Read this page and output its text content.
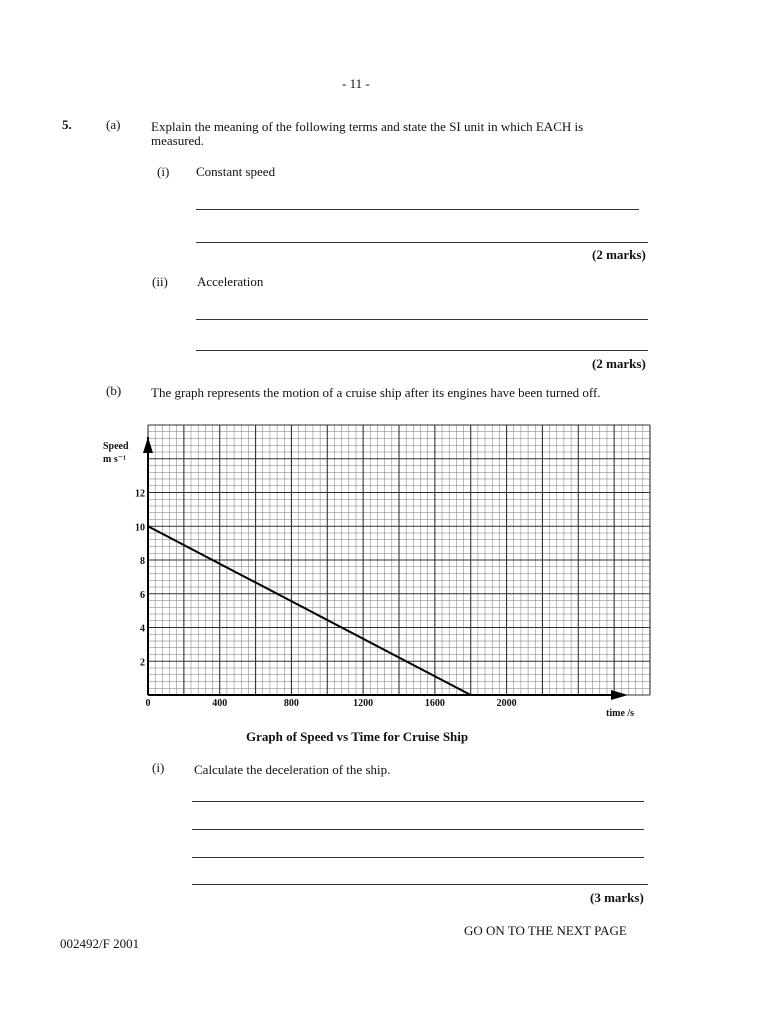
- 11 -
5.	(a) Explain the meaning of the following terms and state the SI unit in which EACH is
measured.
(i) Constant speed
(2 marks)
(ii) Acceleration
(2 marks)
(b) The graph represents the motion of a cruise ship after its engines have been turned off.
0	400	800	1200	1600	2000
2
4
6
8
10
12
Speed
m s⁻¹
time /s
Graph of Speed vs Time for Cruise Ship
(i) Calculate the deceleration of the ship.
(3 marks)
GO ON TO THE NEXT PAGE
002492/F 2001
